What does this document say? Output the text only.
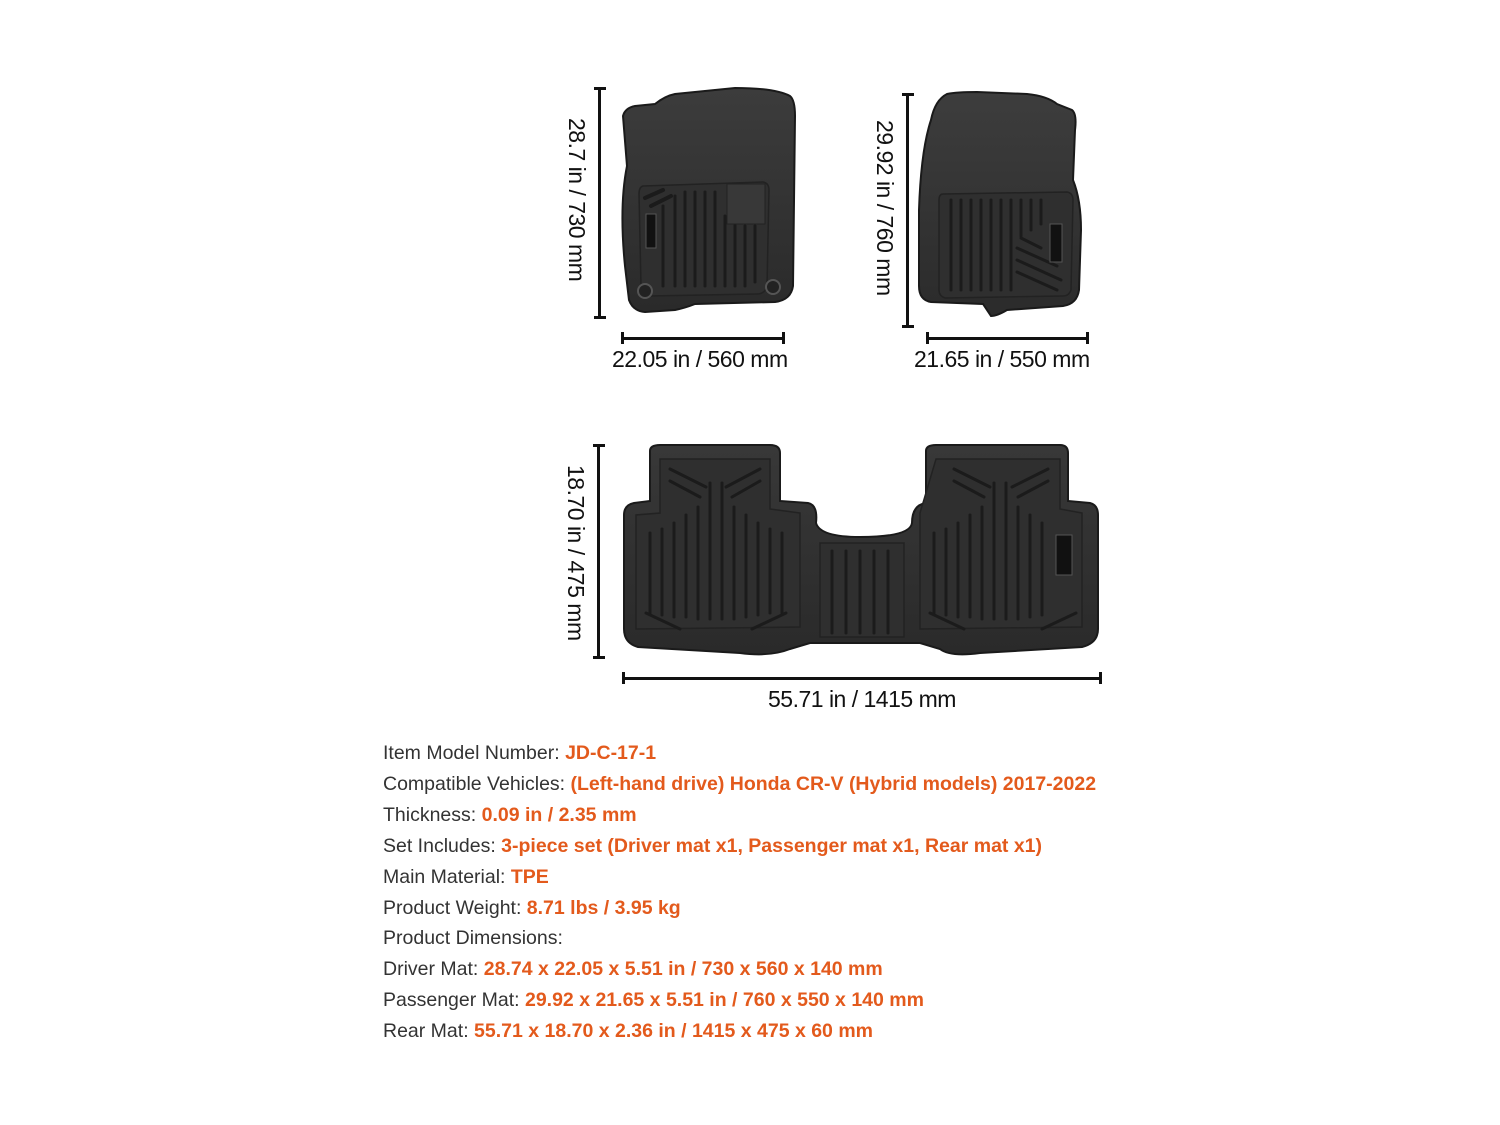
28.7 in / 730 mm
22.05 in / 560 mm
29.92 in / 760 mm
21.65 in / 550 mm
18.70 in / 475 mm
55.71 in / 1415 mm
Item Model Number: JD-C-17-1
Compatible Vehicles: (Left-hand drive) Honda CR-V (Hybrid models) 2017-2022
Thickness: 0.09 in / 2.35 mm
Set Includes: 3-piece set (Driver mat x1, Passenger mat x1, Rear mat x1)
Main Material: TPE
Product Weight: 8.71 lbs / 3.95 kg
Product Dimensions:
Driver Mat: 28.74 x 22.05 x 5.51 in / 730 x 560 x 140 mm
Passenger Mat: 29.92 x 21.65 x 5.51 in / 760 x 550 x 140 mm
Rear Mat: 55.71 x 18.70 x 2.36 in / 1415 x 475 x 60 mm
